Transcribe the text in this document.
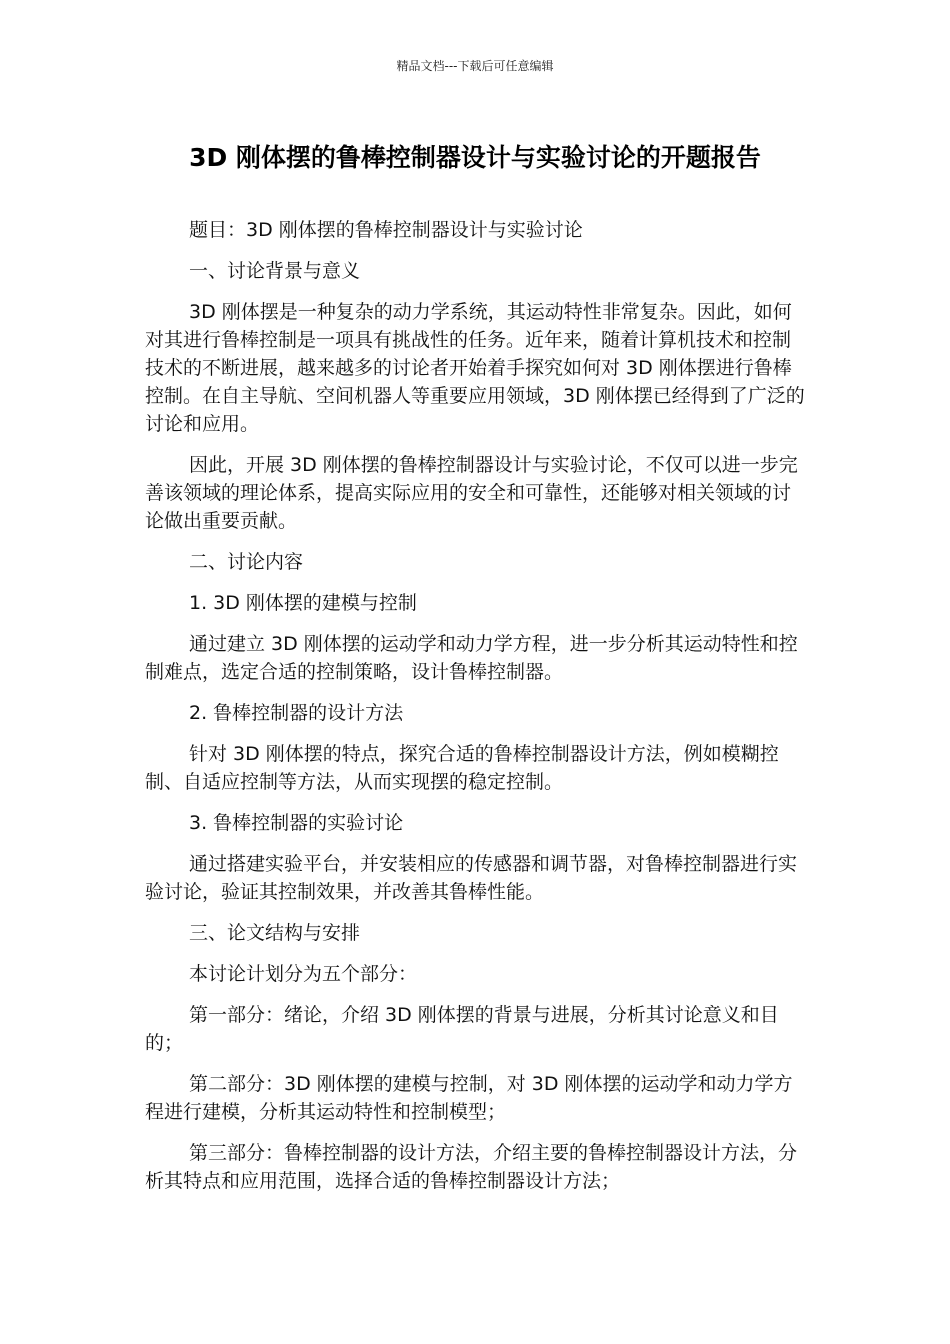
精品文档---下载后可任意编辑
3D 刚体摆的鲁棒控制器设计与实验讨论的开题报告

题目：3D 刚体摆的鲁棒控制器设计与实验讨论

一、讨论背景与意义

3D 刚体摆是一种复杂的动力学系统，其运动特性非常复杂。因此，如何对其进行鲁棒控制是一项具有挑战性的任务。近年来，随着计算机技术和控制技术的不断进展，越来越多的讨论者开始着手探究如何对 3D 刚体摆进行鲁棒控制。在自主导航、空间机器人等重要应用领域，3D 刚体摆已经得到了广泛的讨论和应用。

因此，开展 3D 刚体摆的鲁棒控制器设计与实验讨论，不仅可以进一步完善该领域的理论体系，提高实际应用的安全和可靠性，还能够对相关领域的讨论做出重要贡献。

二、讨论内容

1. 3D 刚体摆的建模与控制

通过建立 3D 刚体摆的运动学和动力学方程，进一步分析其运动特性和控制难点，选定合适的控制策略，设计鲁棒控制器。

2. 鲁棒控制器的设计方法

针对 3D 刚体摆的特点，探究合适的鲁棒控制器设计方法，例如模糊控制、自适应控制等方法，从而实现摆的稳定控制。

3. 鲁棒控制器的实验讨论

通过搭建实验平台，并安装相应的传感器和调节器，对鲁棒控制器进行实验讨论，验证其控制效果，并改善其鲁棒性能。

三、论文结构与安排

本讨论计划分为五个部分：

第一部分：绪论，介绍 3D 刚体摆的背景与进展，分析其讨论意义和目的；

第二部分：3D 刚体摆的建模与控制，对 3D 刚体摆的运动学和动力学方程进行建模，分析其运动特性和控制模型；

第三部分：鲁棒控制器的设计方法，介绍主要的鲁棒控制器设计方法，分析其特点和应用范围，选择合适的鲁棒控制器设计方法；
